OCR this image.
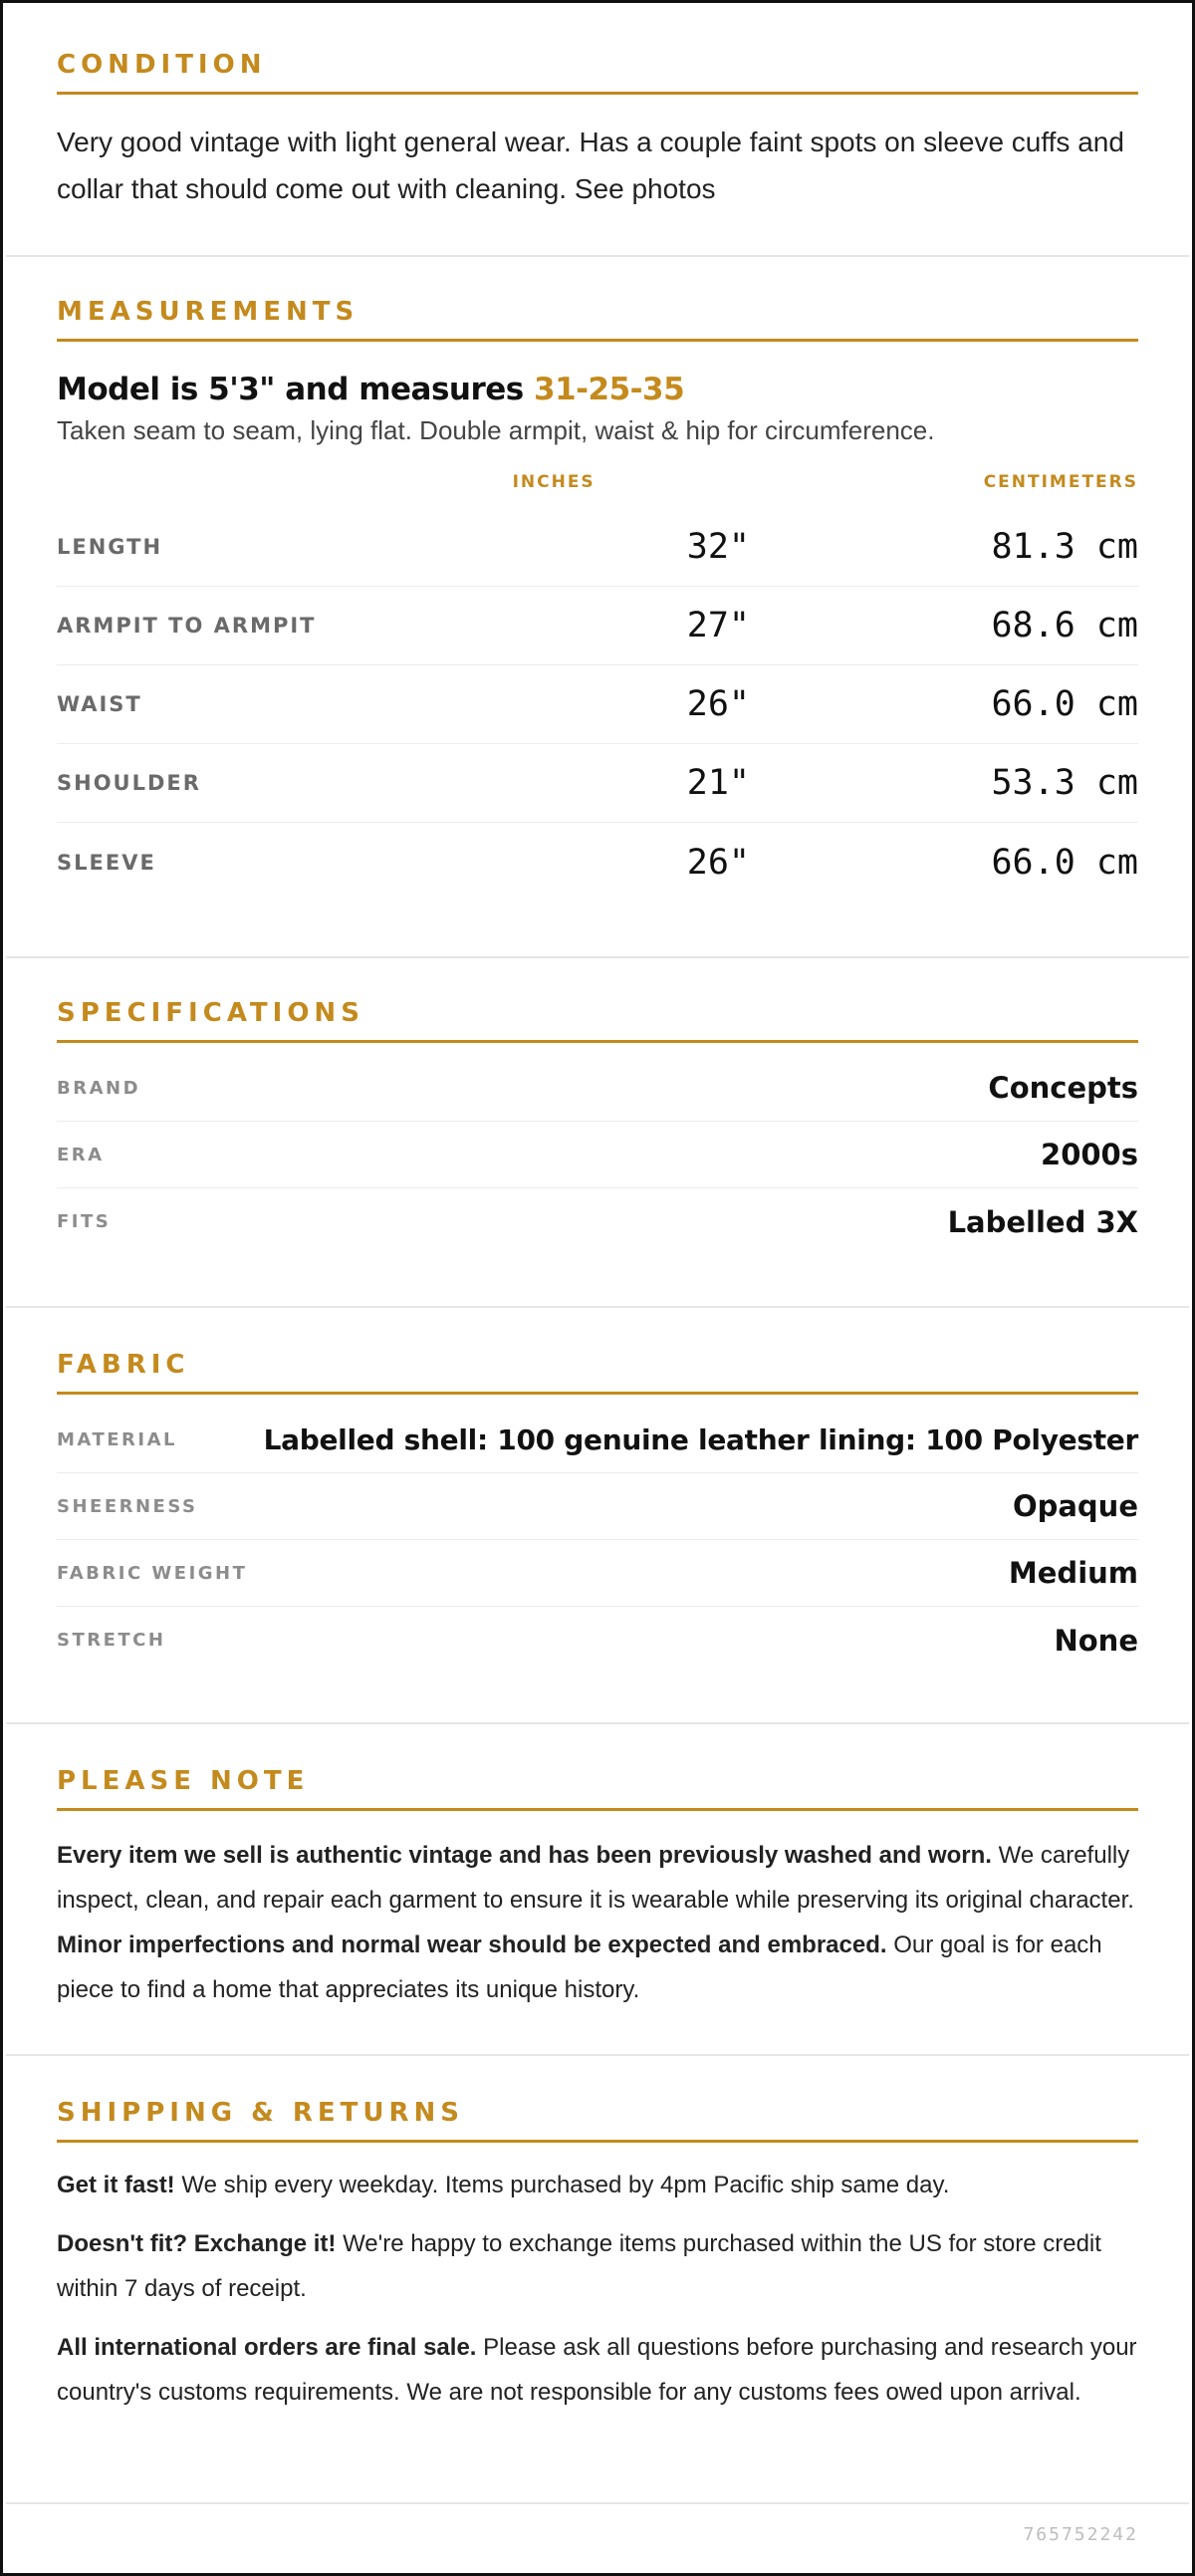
CONDITION
Very good vintage with light general wear. Has a couple faint spots on sleeve cuffs and collar that should come out with cleaning. See photos
MEASUREMENTS
Model is 5'3" and measures 31-25-35
Taken seam to seam, lying flat. Double armpit, waist & hip for circumference.
INCHES	CENTIMETERS
LENGTH	32"	81.3 cm
ARMPIT TO ARMPIT	27"	68.6 cm
WAIST	26"	66.0 cm
SHOULDER	21"	53.3 cm
SLEEVE	26"	66.0 cm
SPECIFICATIONS
BRAND	Concepts
ERA	2000s
FITS	Labelled 3X
FABRIC
MATERIAL	Labelled shell: 100 genuine leather lining: 100 Polyester
SHEERNESS	Opaque
FABRIC WEIGHT	Medium
STRETCH	None
PLEASE NOTE
Every item we sell is authentic vintage and has been previously washed and worn. We carefully inspect, clean, and repair each garment to ensure it is wearable while preserving its original character. Minor imperfections and normal wear should be expected and embraced. Our goal is for each piece to find a home that appreciates its unique history.
SHIPPING & RETURNS

Get it fast! We ship every weekday. Items purchased by 4pm Pacific ship same day.

Doesn't fit? Exchange it! We're happy to exchange items purchased within the US for store credit within 7 days of receipt.

All international orders are final sale. Please ask all questions before purchasing and research your country's customs requirements. We are not responsible for any customs fees owed upon arrival.

765752242
